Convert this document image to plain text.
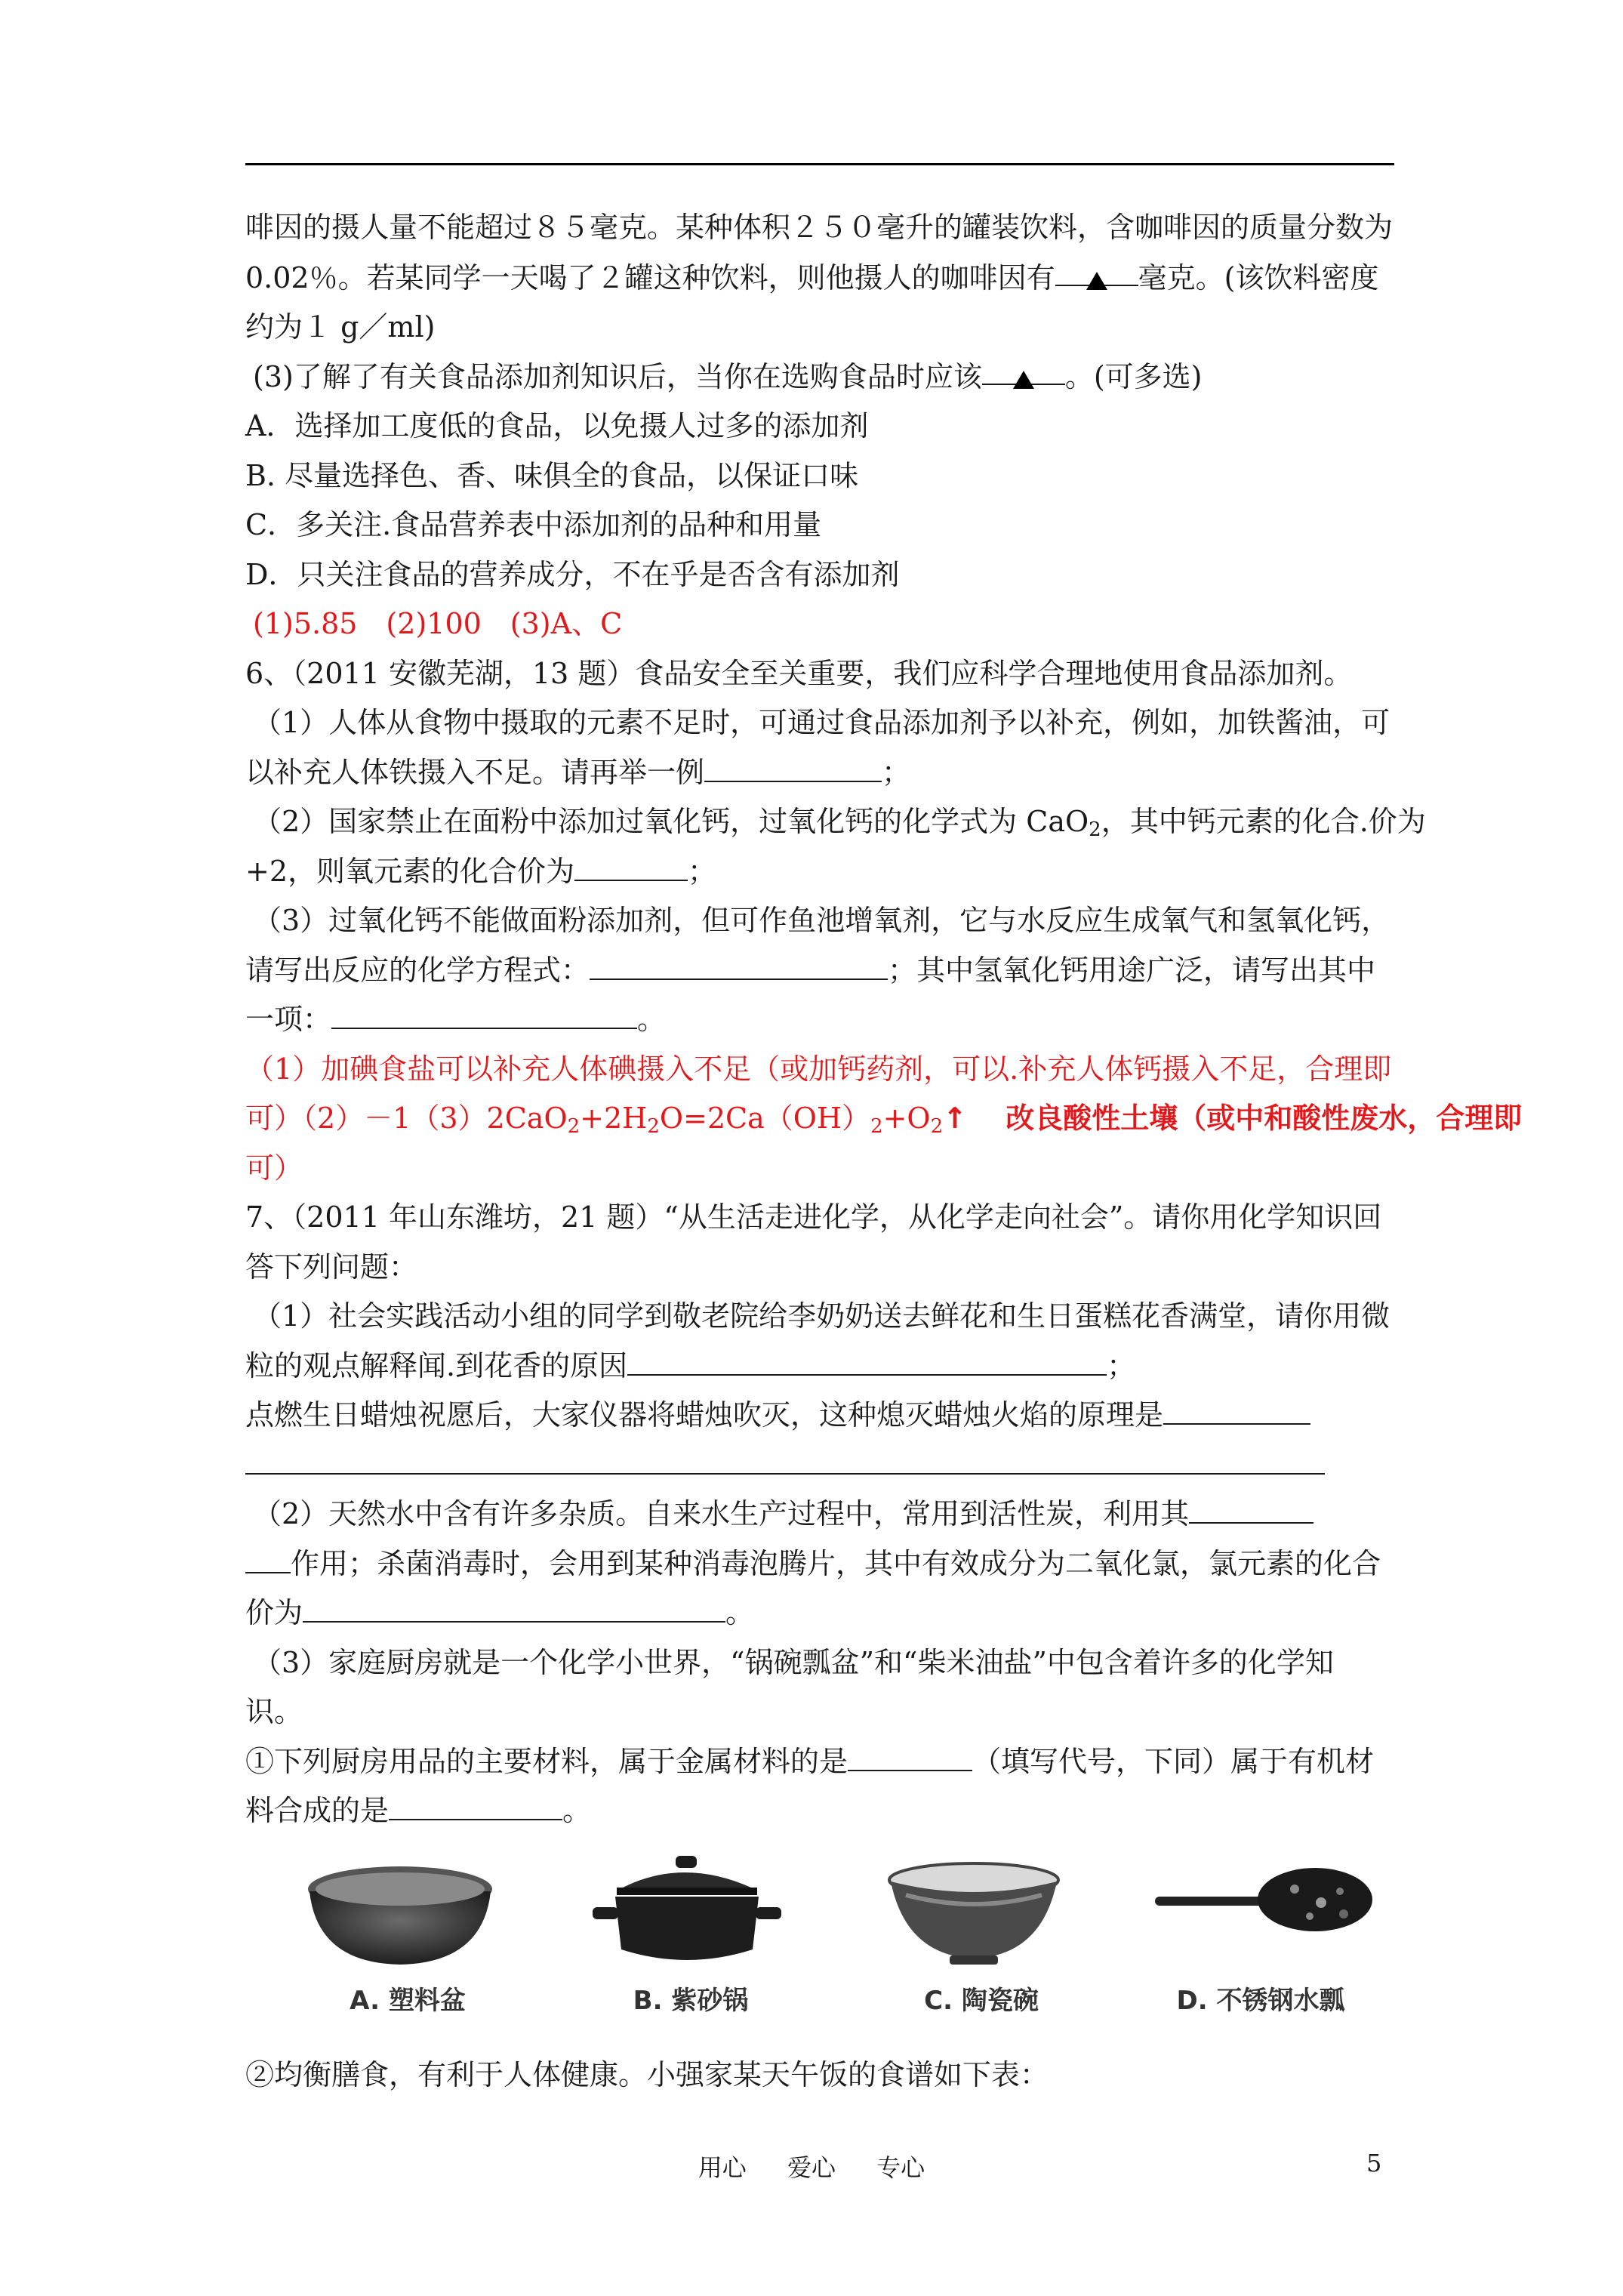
啡因的摄人量不能超过８５毫克。某种体积２５０毫升的罐装饮料，含咖啡因的质量分数为
0.02％。若某同学一天喝了２罐这种饮料，则他摄人的咖啡因有	毫克。(该饮料密度
约为１ g／ml)
(3)了解了有关食品添加剂知识后，当你在选购食品时应该	。(可多选)
A．选择加工度低的食品，以免摄人过多的添加剂
B. 尽量选择色、香、味俱全的食品，以保证口味
C．多关注.食品营养表中添加剂的品种和用量
D．只关注食品的营养成分，不在乎是否含有添加剂
(1)5.85　(2)100　(3)A、C
6、（2011 安徽芜湖，13 题）食品安全至关重要，我们应科学合理地使用食品添加剂。
（1）人体从食物中摄取的元素不足时，可通过食品添加剂予以补充，例如，加铁酱油，可
以补充人体铁摄入不足。请再举一例	；
（2）国家禁止在面粉中添加过氧化钙，过氧化钙的化学式为 CaO$_2$，其中钙元素的化合.价为
+2，则氧元素的化合价为	；
（3）过氧化钙不能做面粉添加剂，但可作鱼池增氧剂，它与水反应生成氧气和氢氧化钙，
请写出反应的化学方程式：	；其中氢氧化钙用途广泛，请写出其中
一项：	。
（1）加碘食盐可以补充人体碘摄入不足（或加钙药剂，可以.补充人体钙摄入不足，合理即
可）$(2)-1(3)2CaO_2+2H_2O=2Ca(OH)_2+O_2↑$　 改良酸性土壤（或中和酸性废水，合理即
可）
7、（2011 年山东潍坊，21 题）“从生活走进化学，从化学走向社会”。请你用化学知识回
答下列问题：
（1）社会实践活动小组的同学到敬老院给李奶奶送去鲜花和生日蛋糕花香满堂，请你用微
粒的观点解释闻.到花香的原因	；
点燃生日蜡烛祝愿后，大家仪器将蜡烛吹灭，这种熄灭蜡烛火焰的原理是
（2）天然水中含有许多杂质。自来水生产过程中，常用到活性炭，利用其
作用；杀菌消毒时，会用到某种消毒泡腾片，其中有效成分为二氧化氯，氯元素的化合
价为	。
（3）家庭厨房就是一个化学小世界，“锅碗瓢盆”和“柴米油盐”中包含着许多的化学知
识。
①下列厨房用品的主要材料，属于金属材料的是	（填写代号，下同）属于有机材
料合成的是	。
A. 塑料盆	B. 紫砂锅	C. 陶瓷碗	D. 不锈钢水瓢
②均衡膳食，有利于人体健康。小强家某天午饭的食谱如下表：
用心 爱心 专心	5
